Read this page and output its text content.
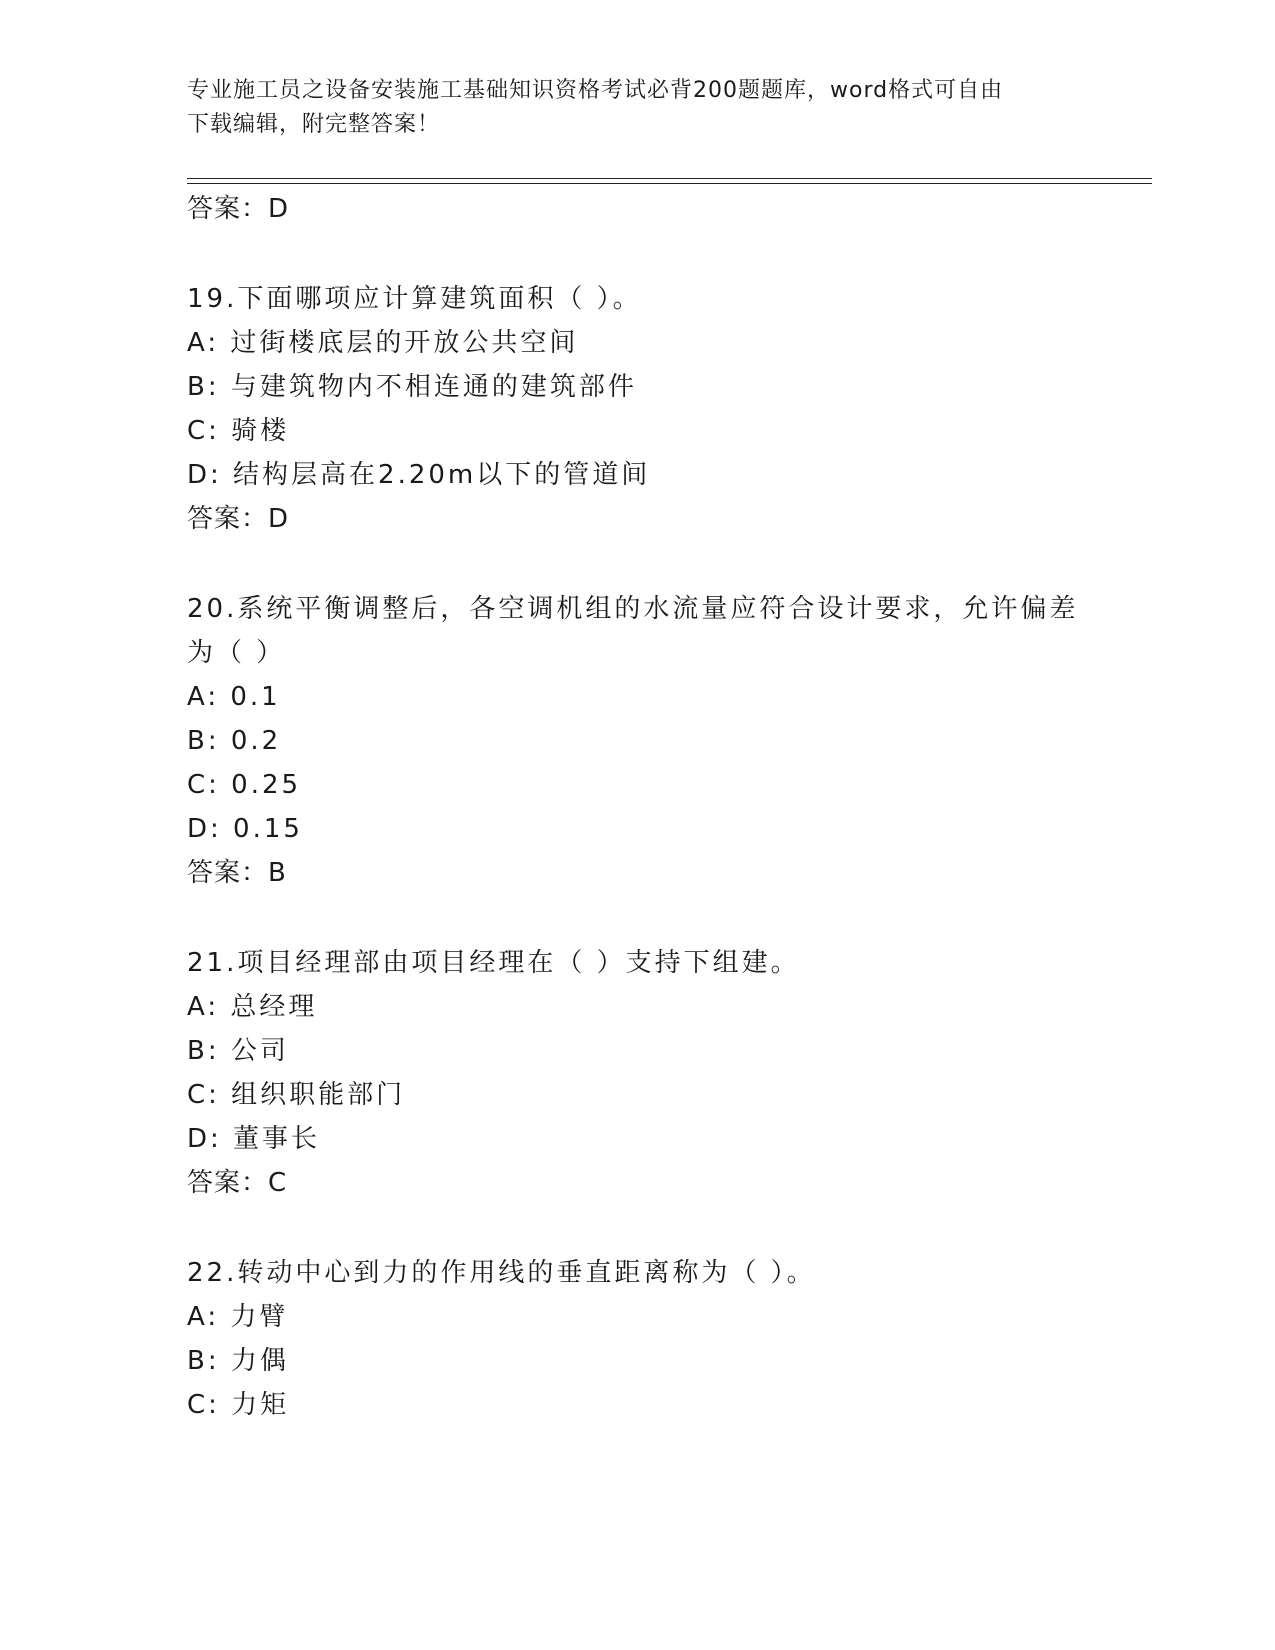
专业施工员之设备安装施工基础知识资格考试必背200题题库，word格式可自由
下载编辑，附完整答案！
答案：D
19.下面哪项应计算建筑面积（ ）。
A: 过街楼底层的开放公共空间
B: 与建筑物内不相连通的建筑部件
C: 骑楼
D: 结构层高在2.20m以下的管道间
答案：D
20.系统平衡调整后，各空调机组的水流量应符合设计要求，允许偏差
为（ ）
A: 0.1
B: 0.2
C: 0.25
D: 0.15
答案：B
21.项目经理部由项目经理在（ ）支持下组建。
A: 总经理
B: 公司
C: 组织职能部门
D: 董事长
答案：C
22.转动中心到力的作用线的垂直距离称为（ ）。
A: 力臂
B: 力偶
C: 力矩
